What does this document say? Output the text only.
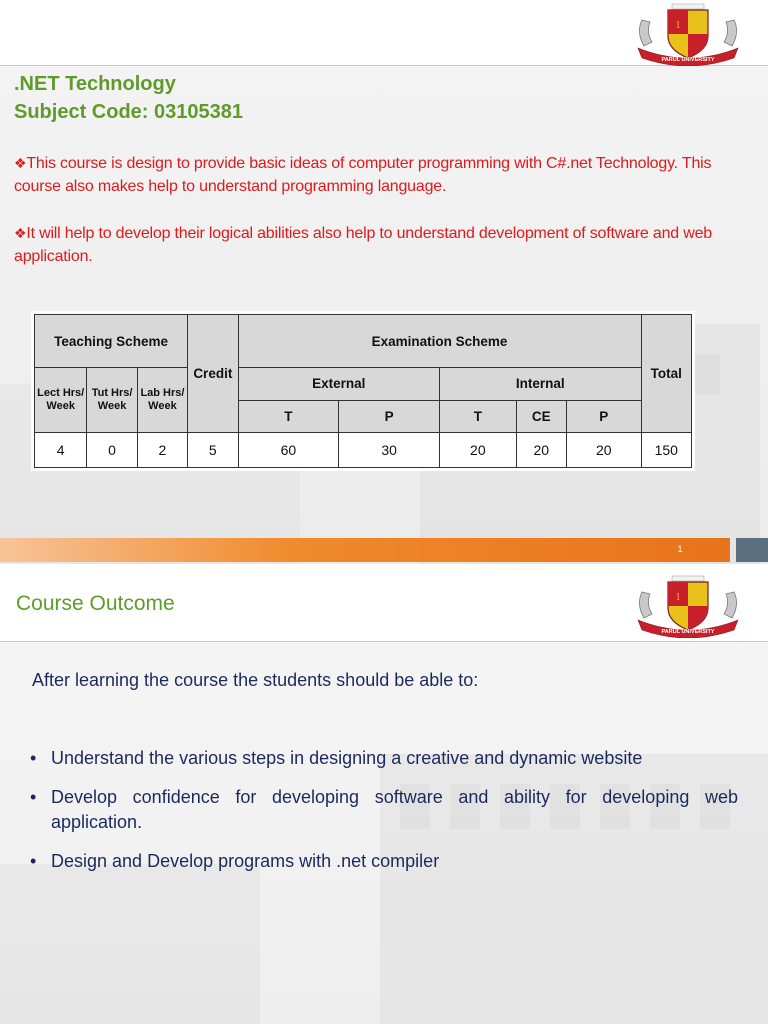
1
PARUL UNIVERSITY
.NET Technology
Subject Code: 03105381
❖This course is design to provide basic ideas of computer programming with C#.net Technology. This course also makes help to understand programming language.
❖It will help to develop their logical abilities also help to understand development of software and web application.
Teaching Scheme			Credit	Examination Scheme					Total
Lect Hrs/ Week	Tut Hrs/ Week	Lab Hrs/ Week		External		Internal			
				T	P	T	CE	P	
4	0	2	5	60	30	20	20	20	150
1
1
PARUL UNIVERSITY
Course Outcome
After learning the course the students should be able to:
• Understand the various steps in designing a creative and dynamic website
• Develop confidence for developing software and ability for developing web application.
• Design and Develop programs with .net compiler
